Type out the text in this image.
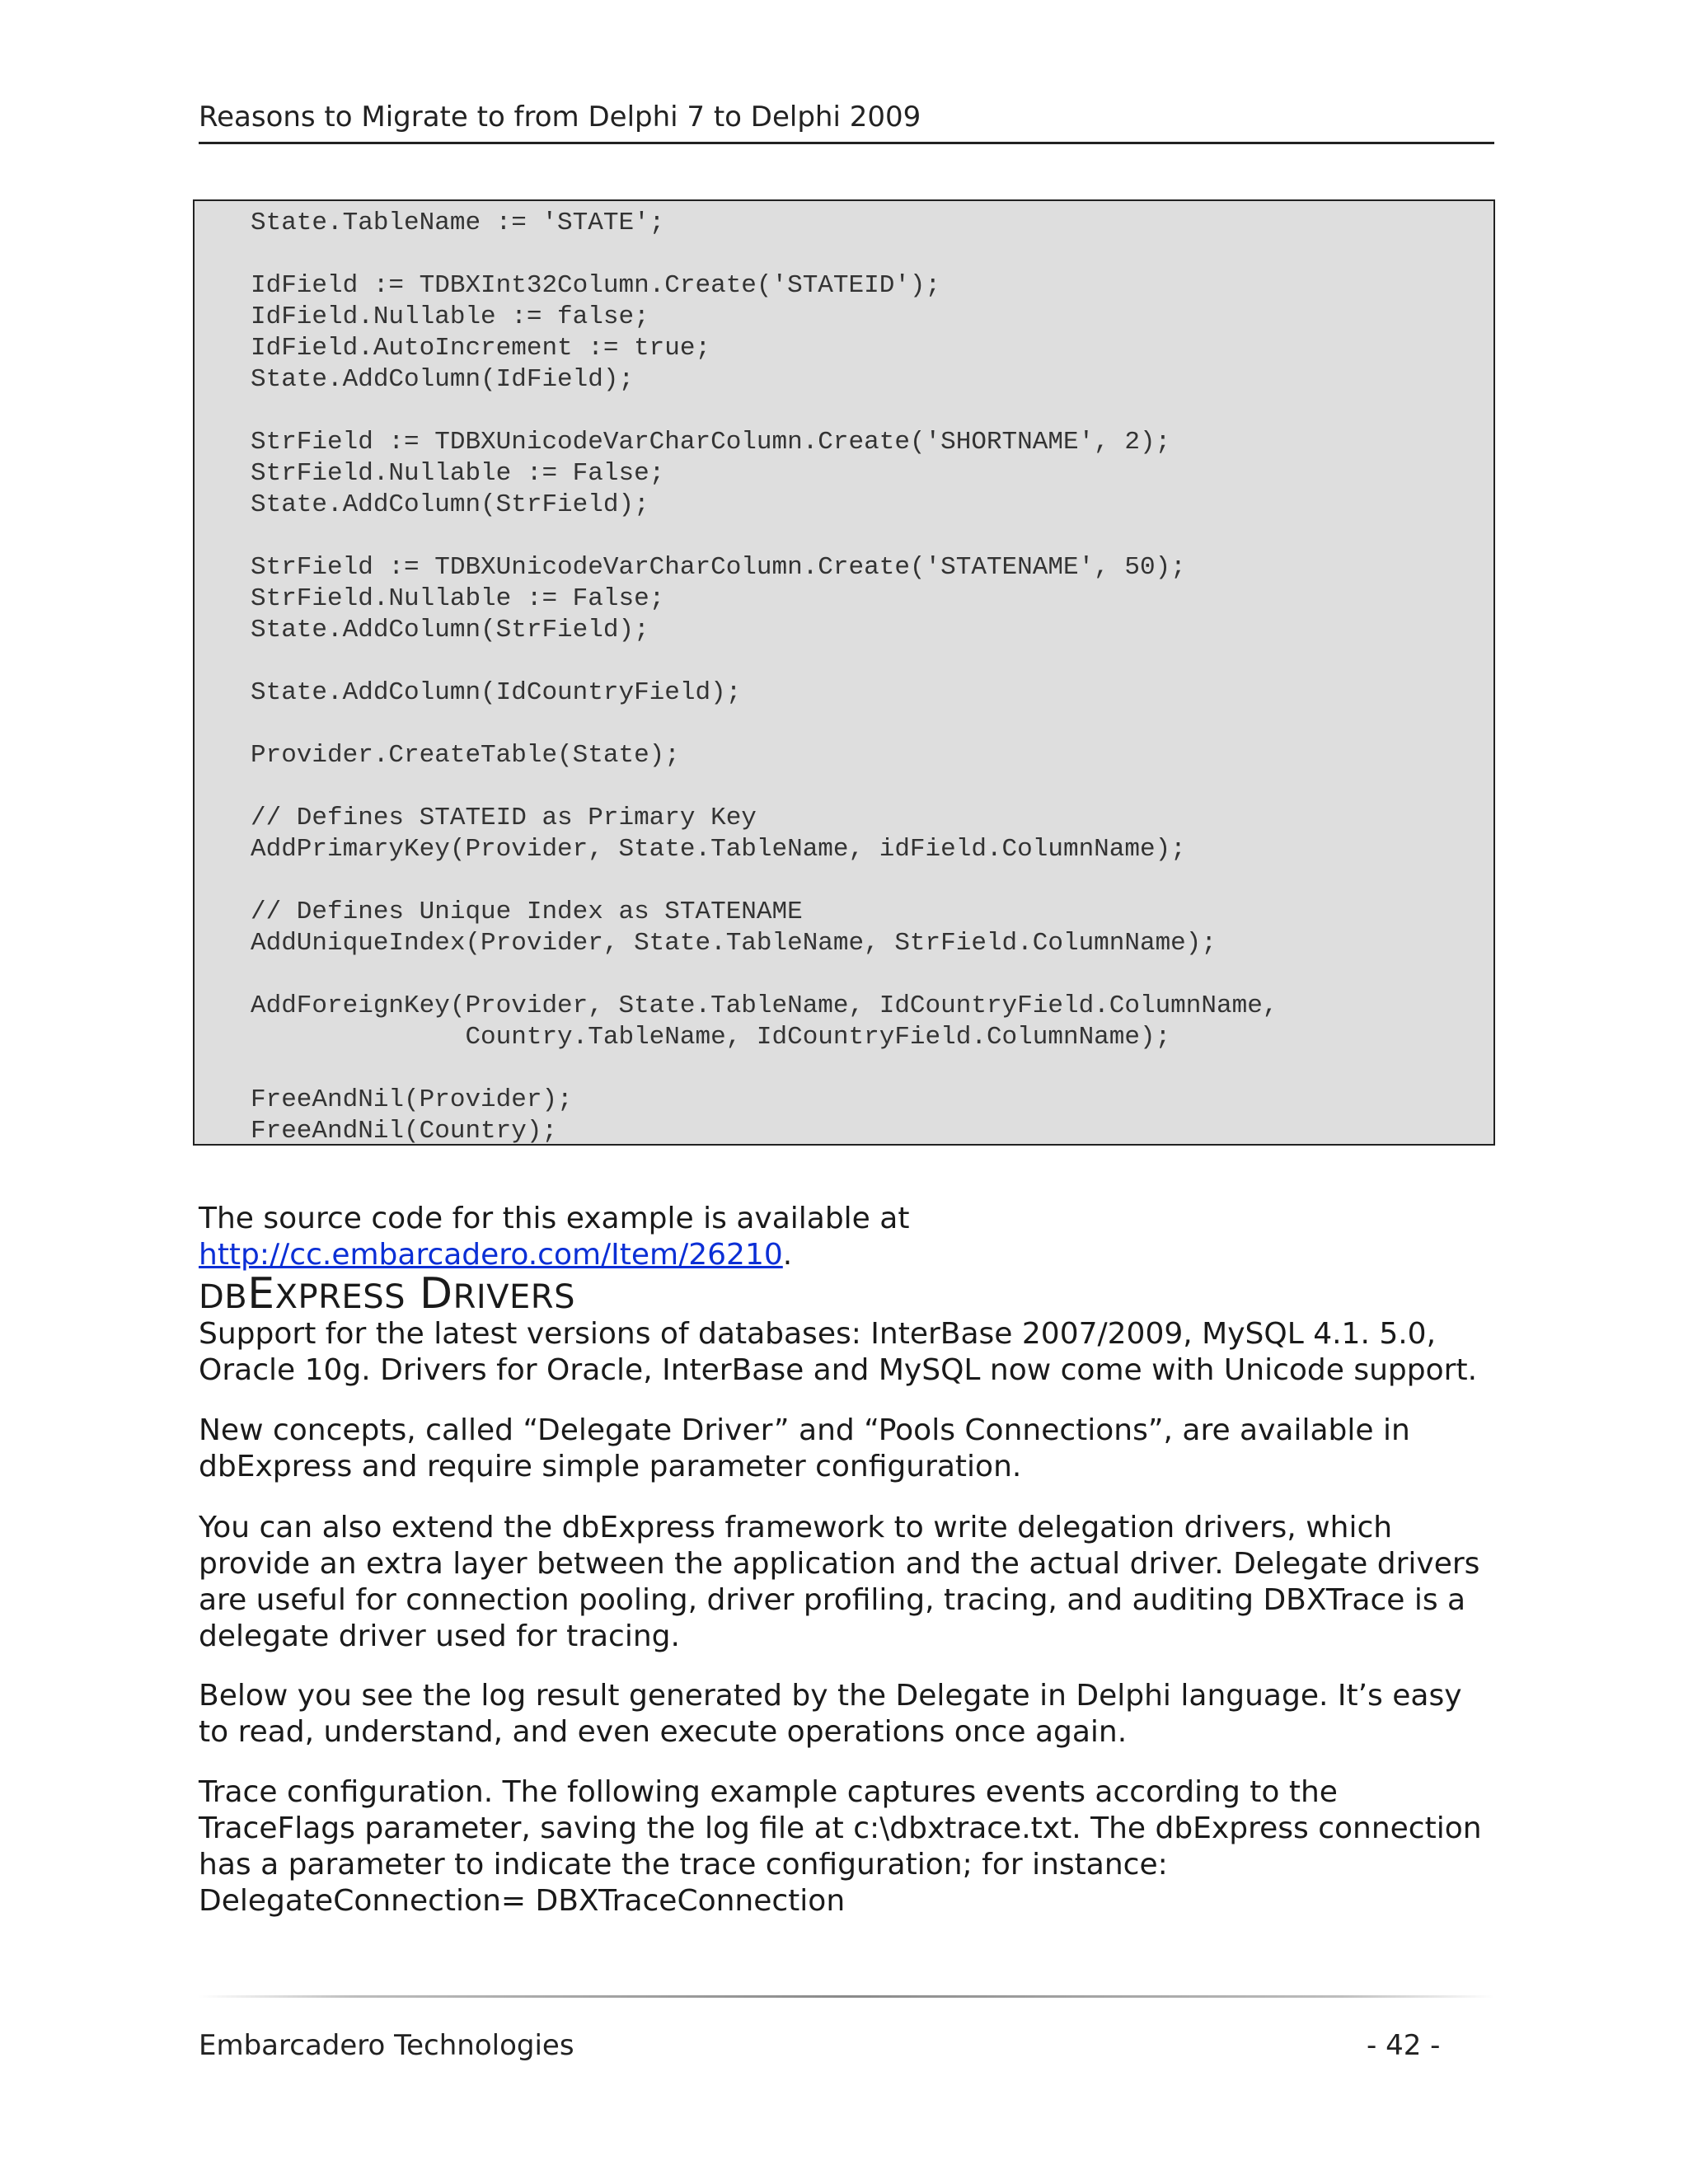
Reasons to Migrate to from Delphi 7 to Delphi 2009
State.TableName := 'STATE';
IdField := TDBXInt32Column.Create('STATEID');
IdField.Nullable := false;
IdField.AutoIncrement := true;
State.AddColumn(IdField);
StrField := TDBXUnicodeVarCharColumn.Create('SHORTNAME', 2);
StrField.Nullable := False;
State.AddColumn(StrField);
StrField := TDBXUnicodeVarCharColumn.Create('STATENAME', 50);
StrField.Nullable := False;
State.AddColumn(StrField);
State.AddColumn(IdCountryField);
Provider.CreateTable(State);
// Defines STATEID as Primary Key
AddPrimaryKey(Provider, State.TableName, idField.ColumnName);
// Defines Unique Index as STATENAME
AddUniqueIndex(Provider, State.TableName, StrField.ColumnName);
AddForeignKey(Provider, State.TableName, IdCountryField.ColumnName,
Country.TableName, IdCountryField.ColumnName);
FreeAndNil(Provider);
FreeAndNil(Country);

The source code for this example is available at http://cc.embarcadero.com/Item/26210.

DBEXPRESS DRIVERS

Support for the latest versions of databases: InterBase 2007/2009, MySQL 4.1. 5.0, Oracle 10g. Drivers for Oracle, InterBase and MySQL now come with Unicode support.

New concepts, called “Delegate Driver” and “Pools Connections”, are available in dbExpress and require simple parameter configuration.

You can also extend the dbExpress framework to write delegation drivers, which provide an extra layer between the application and the actual driver. Delegate drivers are useful for connection pooling, driver profiling, tracing, and auditing DBXTrace is a delegate driver used for tracing.

Below you see the log result generated by the Delegate in Delphi language. It’s easy to read, understand, and even execute operations once again.

Trace configuration. The following example captures events according to the TraceFlags parameter, saving the log file at c:\dbxtrace.txt. The dbExpress connection has a parameter to indicate the trace configuration; for instance: DelegateConnection= DBXTraceConnection

Embarcadero Technologies	- 42 -
